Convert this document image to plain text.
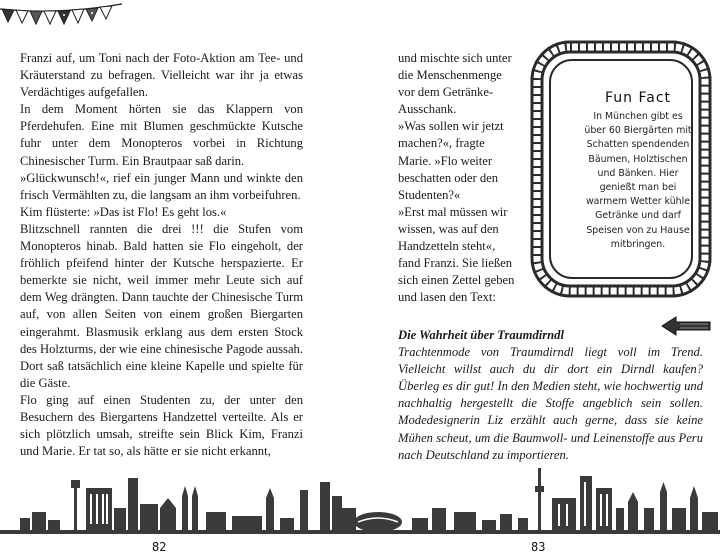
Franzi auf, um Toni nach der Foto-Aktion am Tee- und Kräuterstand zu befragen. Vielleicht war ihr ja etwas Verdächtiges aufgefallen.

In dem Moment hörten sie das Klappern von Pferdehufen. Eine mit Blumen geschmückte Kutsche fuhr unter dem Monopteros vorbei in Richtung Chinesischer Turm. Ein Brautpaar saß darin.

»Glückwunsch!«, rief ein junger Mann und winkte den frisch Vermählten zu, die langsam an ihm vorbeifuhren.

Kim flüsterte: »Das ist Flo! Es geht los.«

Blitzschnell rannten die drei !!! die Stufen vom Monopteros hinab. Bald hatten sie Flo eingeholt, der fröhlich pfeifend hinter der Kutsche herspazierte. Er bemerkte sie nicht, weil immer mehr Leute sich auf dem Weg drängten. Dann tauchte der Chinesische Turm auf, von allen Seiten von einem großen Biergarten eingerahmt. Blasmusik erklang aus dem ersten Stock des Holzturms, der wie eine chinesische Pagode aussah. Dort saß tatsächlich eine kleine Kapelle und spielte für die Gäste.

Flo ging auf einen Studenten zu, der unter den Besuchern des Biergartens Handzettel verteilte. Als er sich plötzlich umsah, streifte sein Blick Kim, Franzi und Marie. Er tat so, als hätte er sie nicht erkannt,

und mischte sich unter die Menschenmenge vor dem Getränke-Ausschank.

»Was sollen wir jetzt machen?«, fragte Marie. »Flo weiter beschatten oder den Studenten?«

»Erst mal müssen wir wissen, was auf den Handzetteln steht«, fand Franzi. Sie ließen sich einen Zettel geben und lasen den Text:

Fun Fact
In München gibt es
über 60 Biergärten mit
Schatten spendenden
Bäumen, Holztischen
und Bänken. Hier
genießt man bei
warmem Wetter kühle
Getränke und darf
Speisen von zu Hause
mitbringen.
Die Wahrheit über Traumdirndl

Trachtenmode von Traumdirndl liegt voll im Trend. Vielleicht willst auch du dir dort ein Dirndl kaufen? Überleg es dir gut! In den Medien steht, wie hochwertig und nachhaltig hergestellt die Stoffe angeblich sein sollen. Modedesignerin Liz erzählt auch gerne, dass sie keine Mühen scheut, um die Baumwoll- und Leinenstoffe aus Peru nach Deutschland zu importieren.

82	83
